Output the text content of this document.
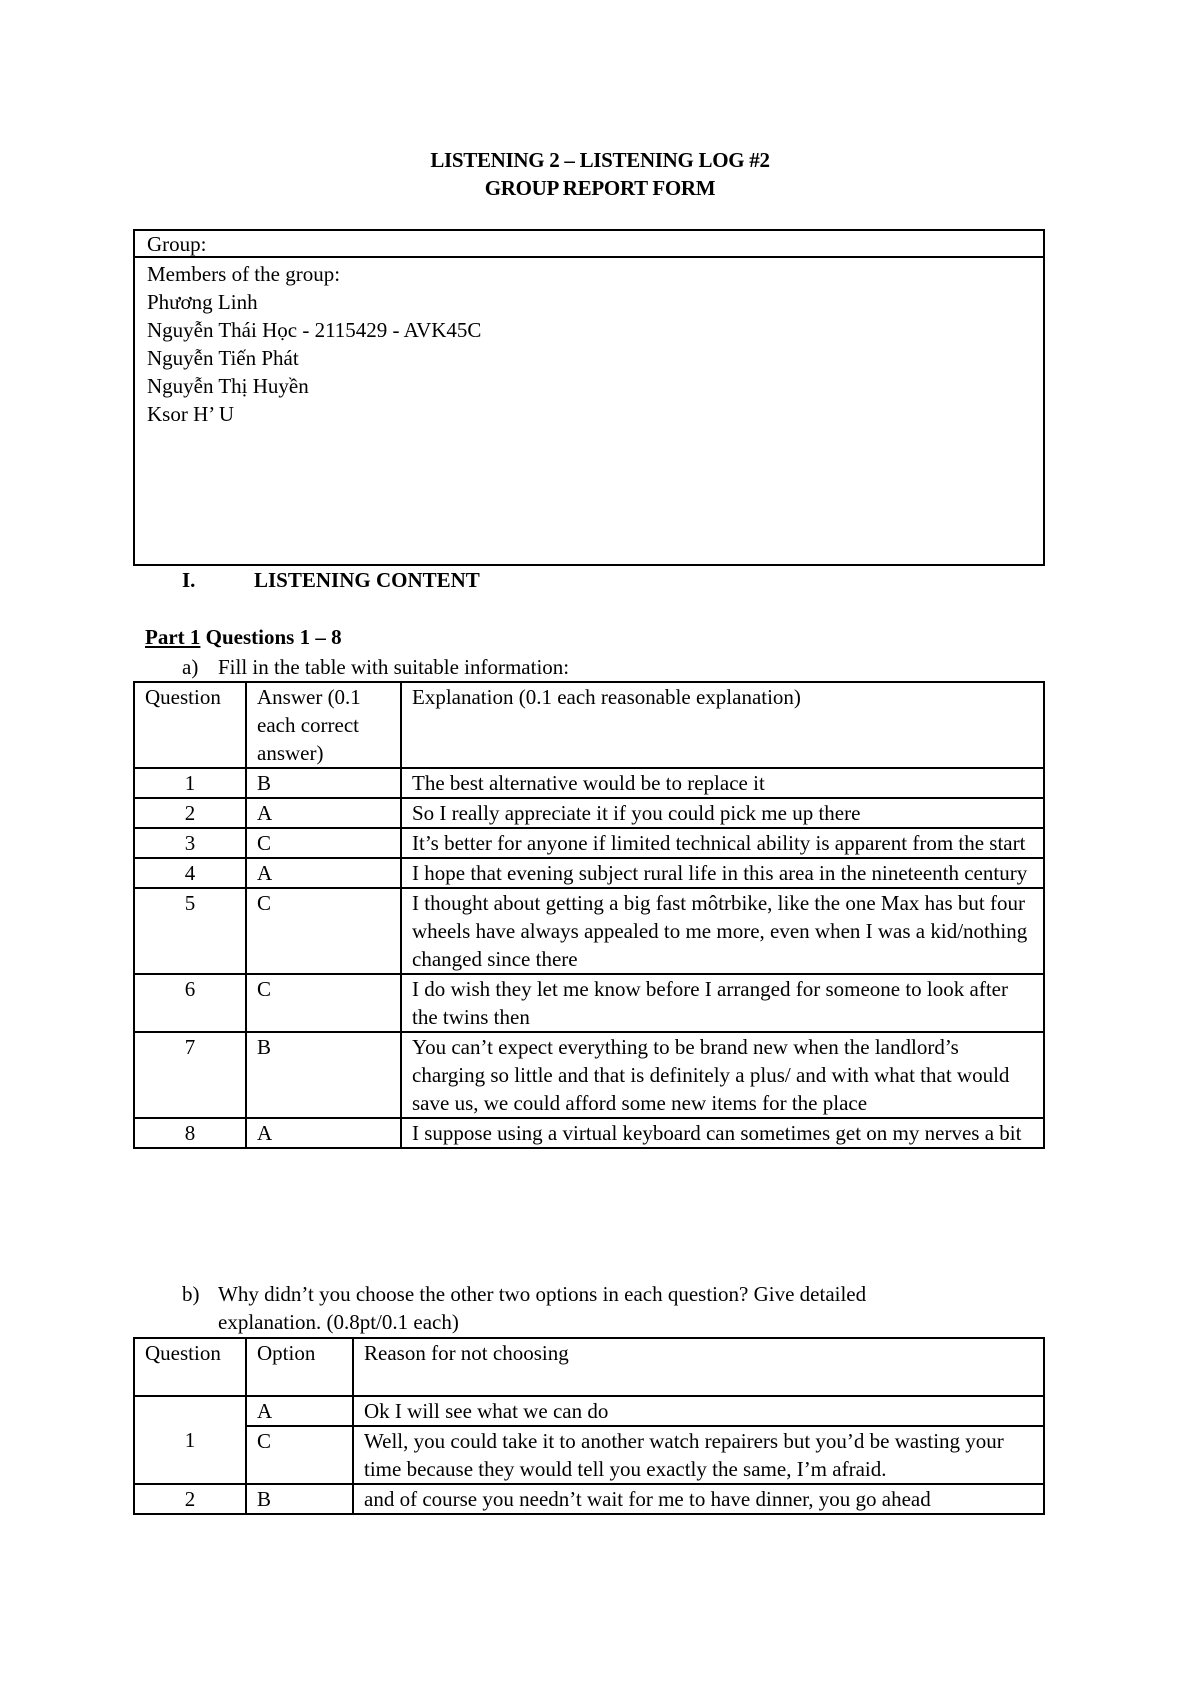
LISTENING 2 – LISTENING LOG #2
GROUP REPORT FORM
Group:
Members of the group:
Phương Linh
Nguyễn Thái Học - 2115429 - AVK45C
Nguyễn Tiến Phát
Nguyễn Thị Huyền
Ksor H’ U
I.	LISTENING CONTENT
Part 1 Questions 1 – 8
a) Fill in the table with suitable information:
Question	Answer (0.1 each correct answer)	Explanation (0.1 each reasonable explanation)
1	B	The best alternative would be to replace it
2	A	So I really appreciate it if you could pick me up there
3	C	It’s better for anyone if limited technical ability is apparent from the start
4	A	I hope that evening subject rural life in this area in the nineteenth century
5	C	I thought about getting a big fast môtrbike, like the one Max has but four wheels have always appealed to me more, even when I was a kid/nothing changed since there
6	C	I do wish they let me know before I arranged for someone to look after the twins then
7	B	You can’t expect everything to be brand new when the landlord’s charging so little and that is definitely a plus/ and with what that would save us, we could afford some new items for the place
8	A	I suppose using a virtual keyboard can sometimes get on my nerves a bit
b) Why didn’t you choose the other two options in each question? Give detailed
explanation. (0.8pt/0.1 each)
Question	Option	Reason for not choosing
1	A	Ok I will see what we can do
	C	Well, you could take it to another watch repairers but you’d be wasting your time because they would tell you exactly the same, I’m afraid.
2	B	and of course you needn’t wait for me to have dinner, you go ahead
